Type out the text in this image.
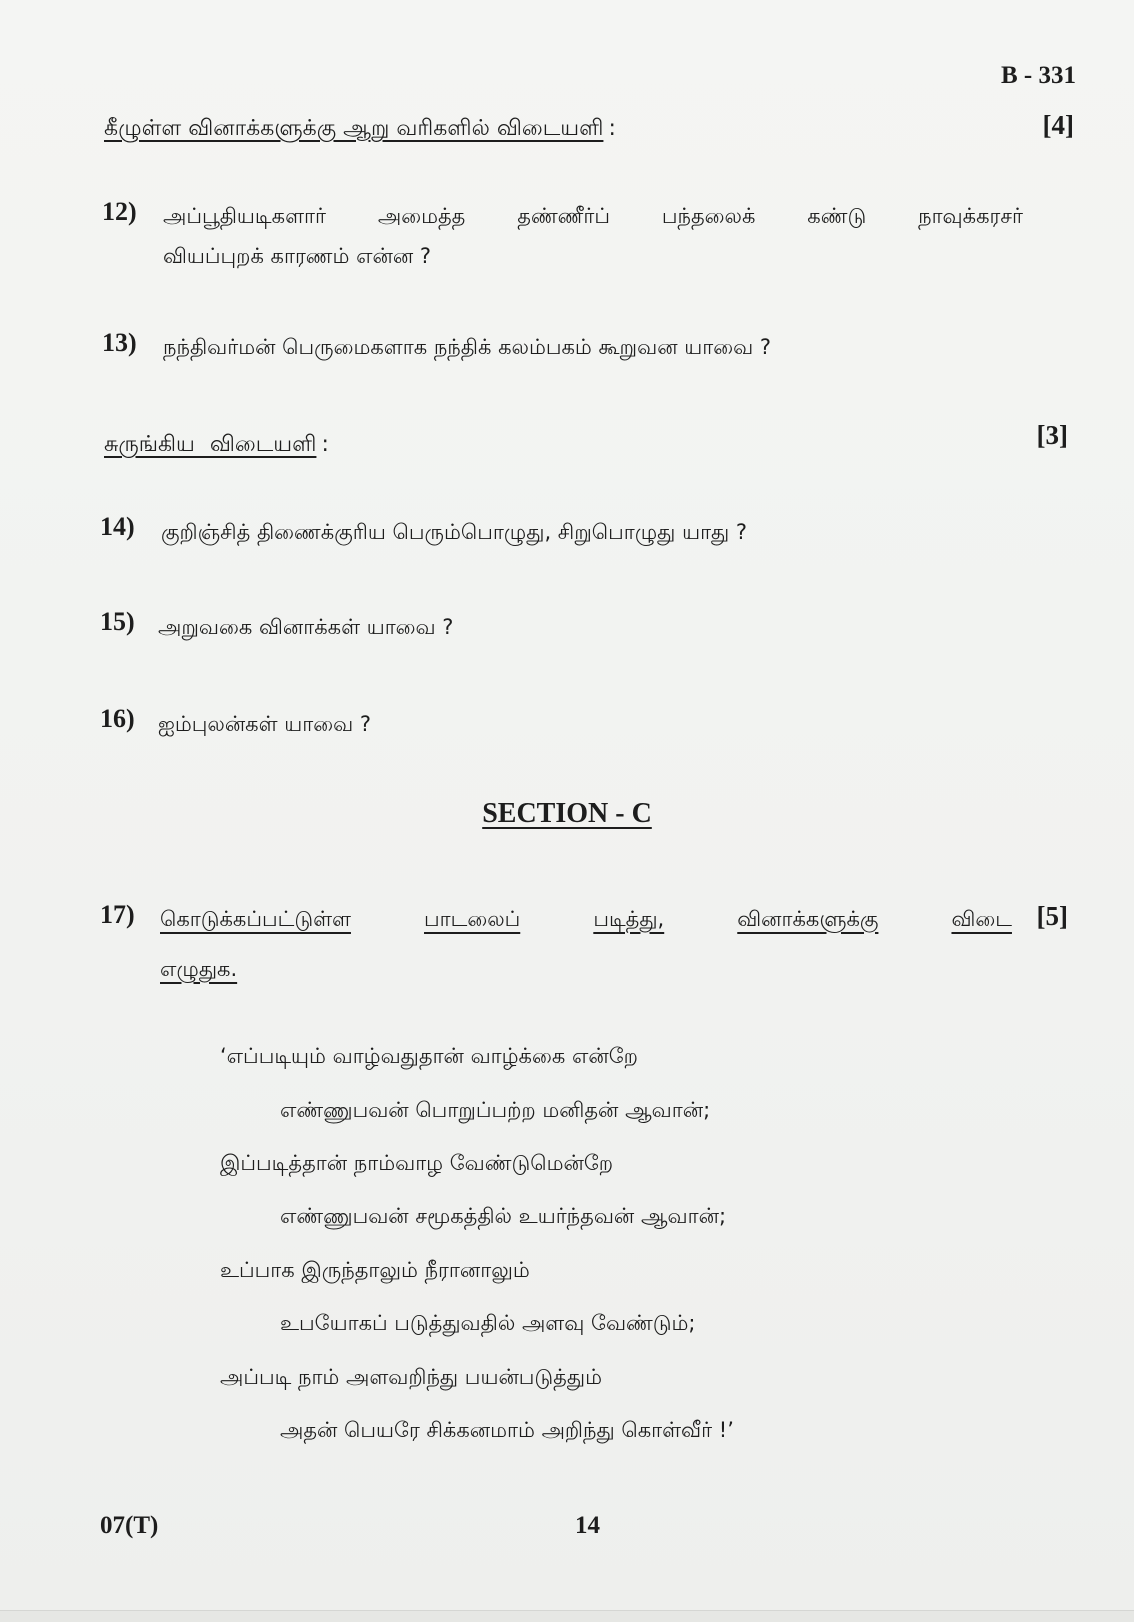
B - 331
கீழுள்ள வினாக்களுக்கு ஆறு வரிகளில் விடையளி :	[4]
12) அப்பூதியடிகளார் அமைத்த தண்ணீர்ப் பந்தலைக் கண்டு நாவுக்கரசர்
வியப்புறக் காரணம் என்ன ?
13) நந்திவர்மன் பெருமைகளாக நந்திக் கலம்பகம் கூறுவன யாவை ?
சுருங்கிய விடையளி :	[3]
14) குறிஞ்சித் திணைக்குரிய பெரும்பொழுது, சிறுபொழுது யாது ?
15) அறுவகை வினாக்கள் யாவை ?
16) ஐம்புலன்கள் யாவை ?
SECTION - C
17) கொடுக்கப்பட்டுள்ள	பாடலைப்	படித்து,	வினாக்களுக்கு	விடை
எழுதுக.
[5]
‘எப்படியும் வாழ்வதுதான் வாழ்க்கை என்றே
எண்ணுபவன் பொறுப்பற்ற மனிதன் ஆவான்;
இப்படித்தான் நாம்வாழ வேண்டுமென்றே
எண்ணுபவன் சமூகத்தில் உயர்ந்தவன் ஆவான்;
உப்பாக இருந்தாலும் நீரானாலும்
உபயோகப் படுத்துவதில் அளவு வேண்டும்;
அப்படி நாம் அளவறிந்து பயன்படுத்தும்
அதன் பெயரே சிக்கனமாம் அறிந்து கொள்வீர் !’
07(T)	14
